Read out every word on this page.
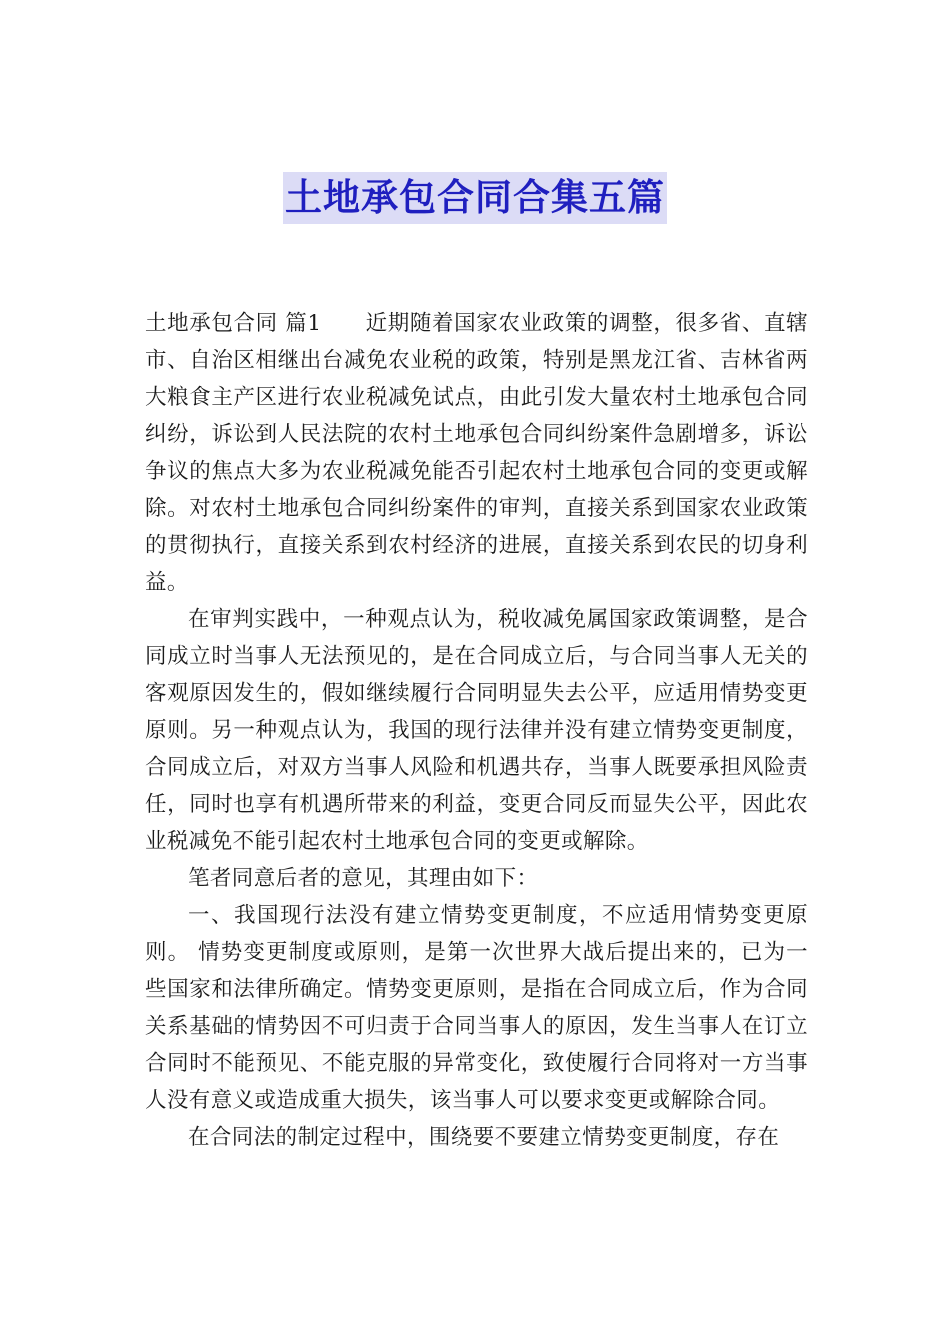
土地承包合同合集五篇

土地承包合同 篇1 近期随着国家农业政策的调整，很多省、直辖市、自治区相继出台减免农业税的政策，特别是黑龙江省、吉林省两大粮食主产区进行农业税减免试点，由此引发大量农村土地承包合同纠纷，诉讼到人民法院的农村土地承包合同纠纷案件急剧增多，诉讼争议的焦点大多为农业税减免能否引起农村土地承包合同的变更或解除。对农村土地承包合同纠纷案件的审判，直接关系到国家农业政策的贯彻执行，直接关系到农村经济的进展，直接关系到农民的切身利益。

在审判实践中，一种观点认为，税收减免属国家政策调整，是合同成立时当事人无法预见的，是在合同成立后，与合同当事人无关的客观原因发生的，假如继续履行合同明显失去公平，应适用情势变更原则。另一种观点认为，我国的现行法律并没有建立情势变更制度，合同成立后，对双方当事人风险和机遇共存，当事人既要承担风险责任，同时也享有机遇所带来的利益，变更合同反而显失公平，因此农业税减免不能引起农村土地承包合同的变更或解除。

笔者同意后者的意见，其理由如下：

一、我国现行法没有建立情势变更制度，不应适用情势变更原则。 情势变更制度或原则，是第一次世界大战后提出来的，已为一些国家和法律所确定。情势变更原则，是指在合同成立后，作为合同关系基础的情势因不可归责于合同当事人的原因，发生当事人在订立合同时不能预见、不能克服的异常变化，致使履行合同将对一方当事人没有意义或造成重大损失，该当事人可以要求变更或解除合同。

在合同法的制定过程中，围绕要不要建立情势变更制度，存在
